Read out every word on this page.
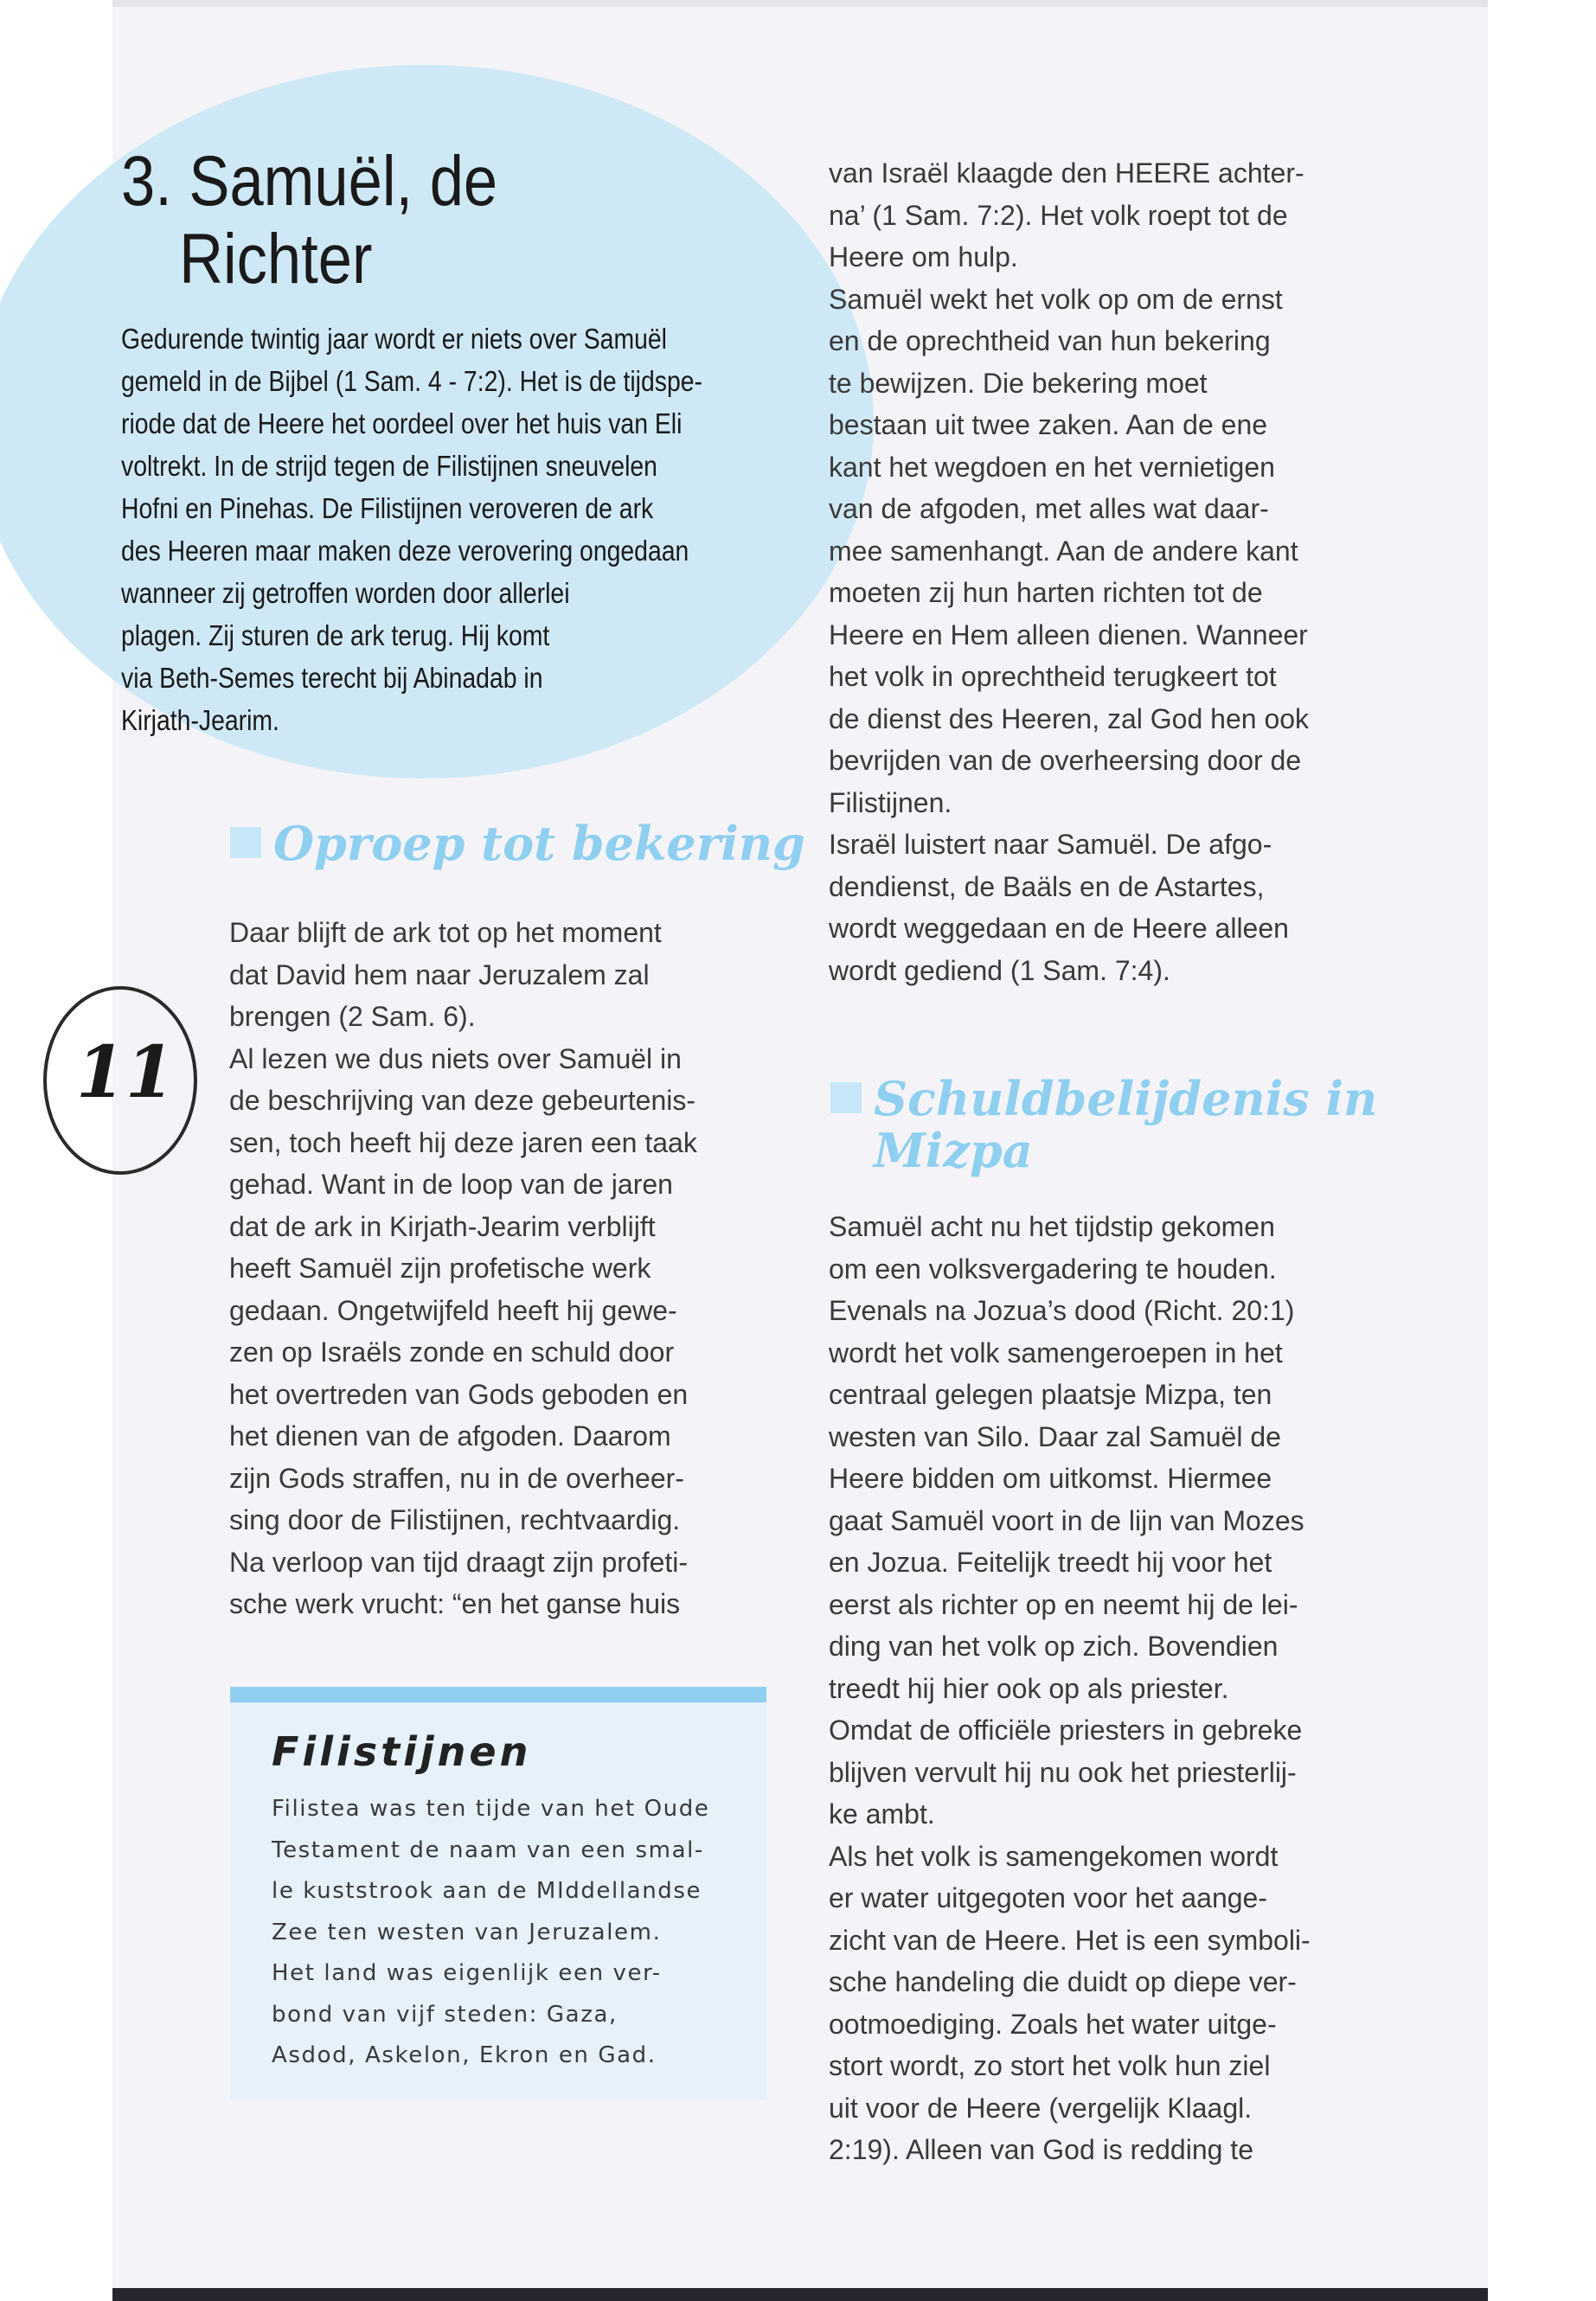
3. Samuël, de
Richter
Gedurende twintig jaar wordt er niets over Samuël
gemeld in de Bijbel (1 Sam. 4 - 7:2). Het is de tijdspe-
riode dat de Heere het oordeel over het huis van Eli
voltrekt. In de strijd tegen de Filistijnen sneuvelen
Hofni en Pinehas. De Filistijnen veroveren de ark
des Heeren maar maken deze verovering ongedaan
wanneer zij getroffen worden door allerlei
plagen. Zij sturen de ark terug. Hij komt
via Beth-Semes terecht bij Abinadab in
Kirjath-Jearim.
11
Oproep tot bekering

Daar blijft de ark tot op het moment

dat David hem naar Jeruzalem zal

brengen (2 Sam. 6).

Al lezen we dus niets over Samuël in

de beschrijving van deze gebeurtenis-

sen, toch heeft hij deze jaren een taak

gehad. Want in de loop van de jaren

dat de ark in Kirjath-Jearim verblijft

heeft Samuël zijn profetische werk

gedaan. Ongetwijfeld heeft hij gewe-

zen op Israëls zonde en schuld door

het overtreden van Gods geboden en

het dienen van de afgoden. Daarom

zijn Gods straffen, nu in de overheer-

sing door de Filistijnen, rechtvaardig.

Na verloop van tijd draagt zijn profeti-

sche werk vrucht: “en het ganse huis

Filistijnen

Filistea was ten tijde van het Oude

Testament de naam van een smal-

le kuststrook aan de MIddellandse

Zee ten westen van Jeruzalem.

Het land was eigenlijk een ver-

bond van vijf steden: Gaza,

Asdod, Askelon, Ekron en Gad.

van Israël klaagde den HEERE achter-

na’ (1 Sam. 7:2). Het volk roept tot de

Heere om hulp.

Samuël wekt het volk op om de ernst

en de oprechtheid van hun bekering

te bewijzen. Die bekering moet

bestaan uit twee zaken. Aan de ene

kant het wegdoen en het vernietigen

van de afgoden, met alles wat daar-

mee samenhangt. Aan de andere kant

moeten zij hun harten richten tot de

Heere en Hem alleen dienen. Wanneer

het volk in oprechtheid terugkeert tot

de dienst des Heeren, zal God hen ook

bevrijden van de overheersing door de

Filistijnen.

Israël luistert naar Samuël. De afgo-

dendienst, de Baäls en de Astartes,

wordt weggedaan en de Heere alleen

wordt gediend (1 Sam. 7:4).

Schuldbelijdenis in
Mizpa

Samuël acht nu het tijdstip gekomen

om een volksvergadering te houden.

Evenals na Jozua’s dood (Richt. 20:1)

wordt het volk samengeroepen in het

centraal gelegen plaatsje Mizpa, ten

westen van Silo. Daar zal Samuël de

Heere bidden om uitkomst. Hiermee

gaat Samuël voort in de lijn van Mozes

en Jozua. Feitelijk treedt hij voor het

eerst als richter op en neemt hij de lei-

ding van het volk op zich. Bovendien

treedt hij hier ook op als priester.

Omdat de officiële priesters in gebreke

blijven vervult hij nu ook het priesterlij-

ke ambt.

Als het volk is samengekomen wordt

er water uitgegoten voor het aange-

zicht van de Heere. Het is een symboli-

sche handeling die duidt op diepe ver-

ootmoediging. Zoals het water uitge-

stort wordt, zo stort het volk hun ziel

uit voor de Heere (vergelijk Klaagl.

2:19). Alleen van God is redding te
